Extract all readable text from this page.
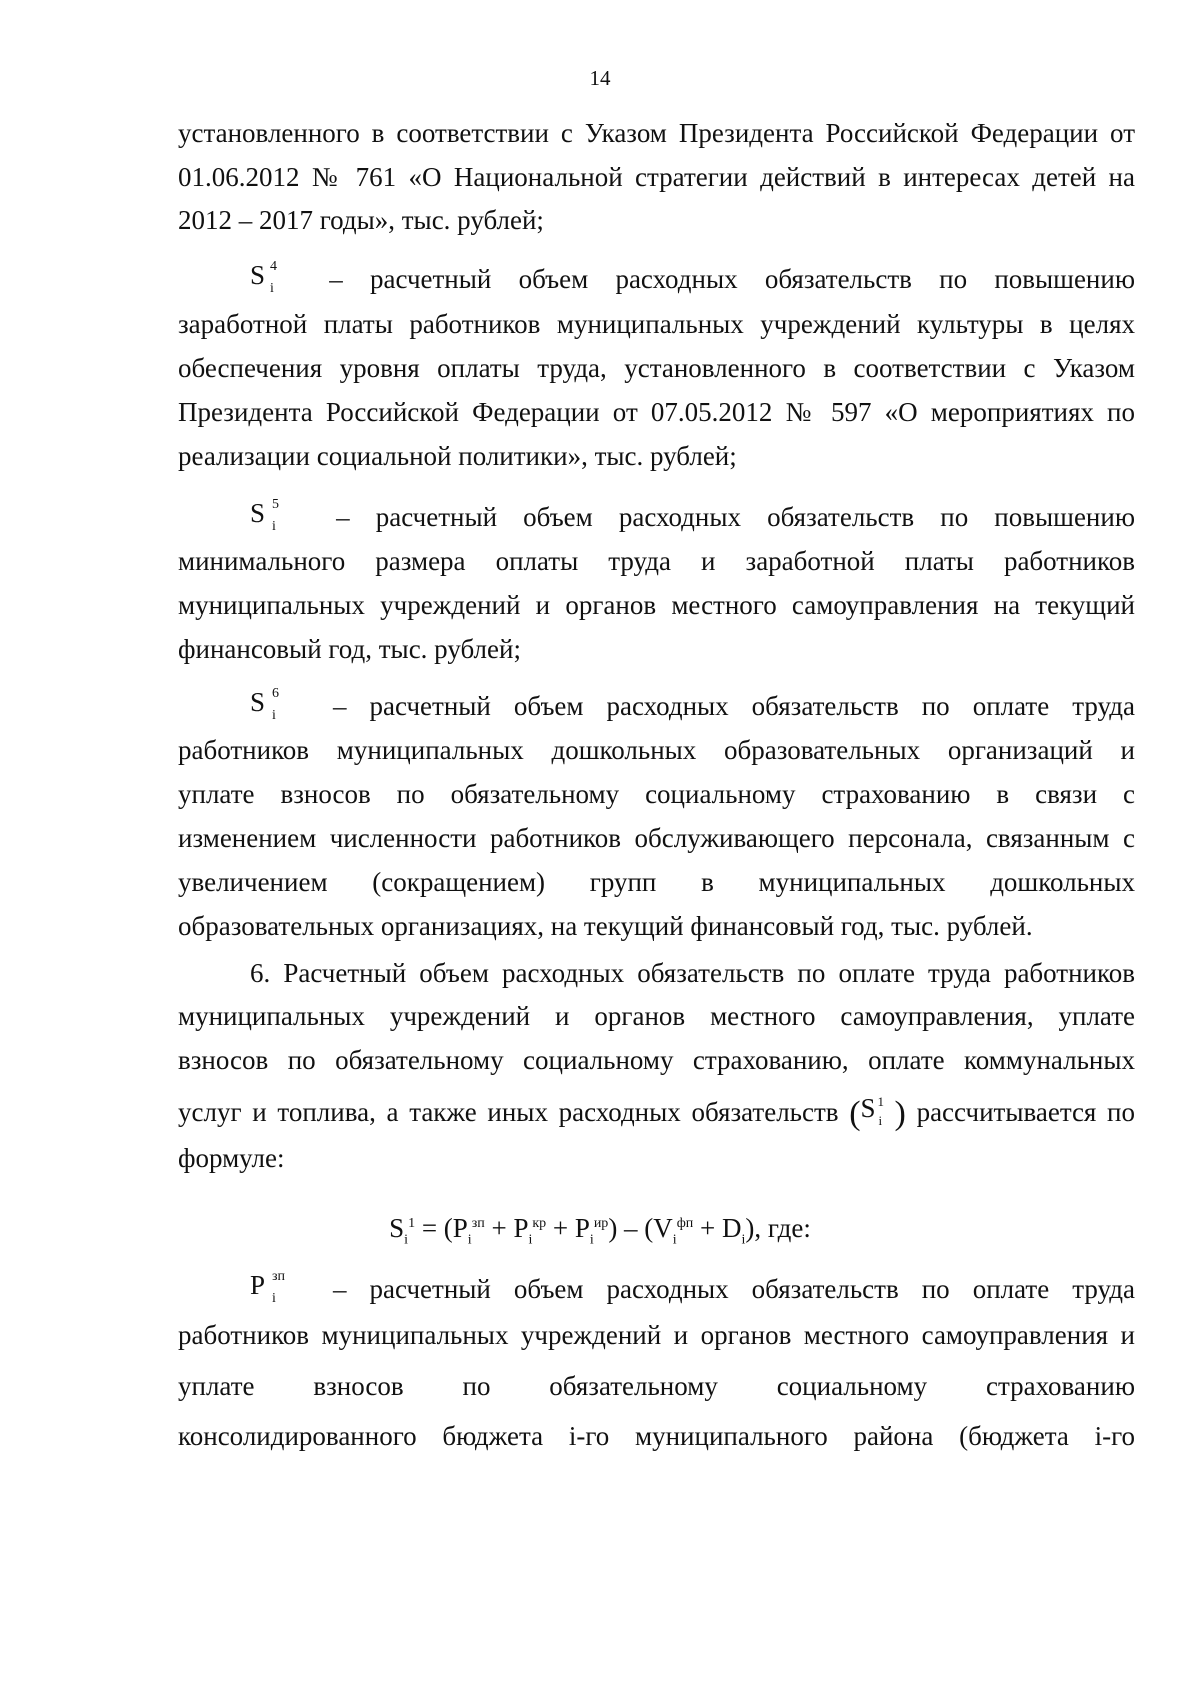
14
установленного в соответствии с Указом Президента Российской Федерации от
01.06.2012 № 761 «О Национальной стратегии действий в интересах детей на
2012 – 2017 годы», тыс. рублей;
S 4
i – расчетный объем расходных обязательств по повышению
заработной платы работников муниципальных учреждений культуры в целях
обеспечения уровня оплаты труда, установленного в соответствии с Указом
Президента Российской Федерации от 07.05.2012 № 597 «О мероприятиях по
реализации социальной политики», тыс. рублей;
S 5
i – расчетный объем расходных обязательств по повышению
минимального размера оплаты труда и заработной платы работников
муниципальных учреждений и органов местного самоуправления на текущий
финансовый год, тыс. рублей;
S 6
i – расчетный объем расходных обязательств по оплате труда
работников муниципальных дошкольных образовательных организаций и
уплате взносов по обязательному социальному страхованию в связи с
изменением численности работников обслуживающего персонала, связанным с
увеличением (сокращением) групп в муниципальных дошкольных
образовательных организациях, на текущий финансовый год, тыс. рублей.
6. Расчетный объем расходных обязательств по оплате труда работников
муниципальных учреждений и органов местного самоуправления, уплате
взносов по обязательному социальному страхованию, оплате коммунальных
услуг и топлива, а также иных расходных обязательств ( S 1
i ) рассчитывается по
формуле:
$S_i^1 = (P_i^{зп} + P_i^{кр} + P_i^{ир}) - (V_i^{фп} + D_i)$, где:
P зп
i – расчетный объем расходных обязательств по оплате труда
работников муниципальных учреждений и органов местного самоуправления и
уплате взносов по обязательному социальному страхованию
консолидированного бюджета i-го муниципального района (бюджета i-го
